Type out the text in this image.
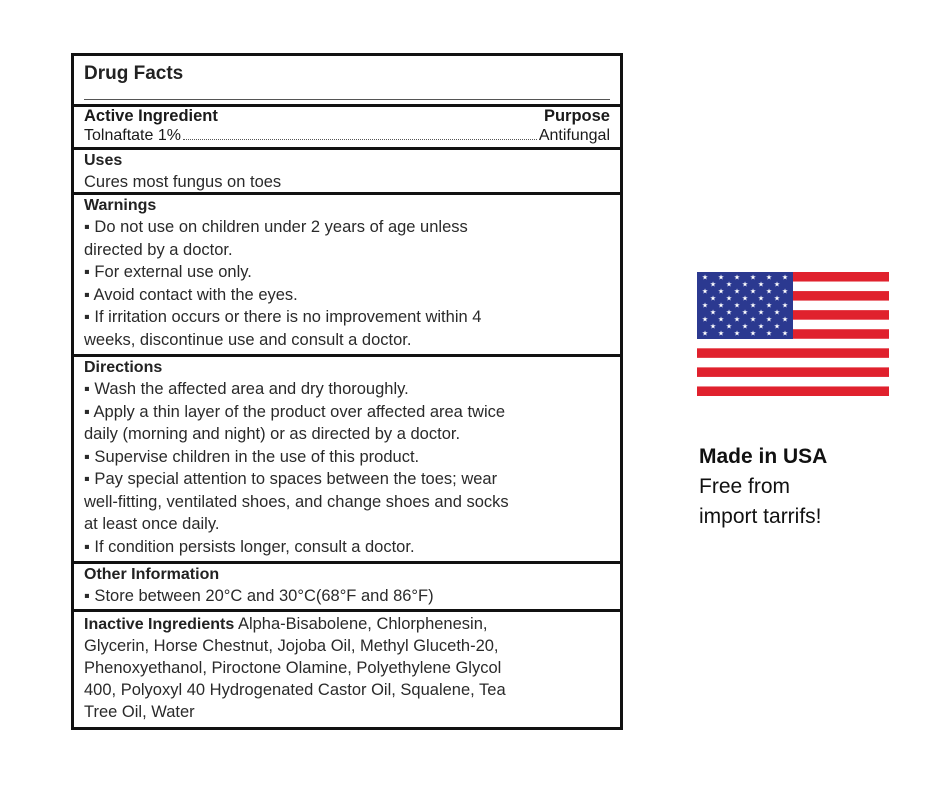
Drug Facts
Active Ingredient	Purpose
Tolnaftate 1%	Antifungal
Uses

Cures most fungus on toes

Warnings

▪ Do not use on children under 2 years of age unless

directed by a doctor.

▪ For external use only.

▪ Avoid contact with the eyes.

▪ If irritation occurs or there is no improvement within 4

weeks, discontinue use and consult a doctor.

Directions

▪ Wash the affected area and dry thoroughly.

▪ Apply a thin layer of the product over affected area twice

daily (morning and night) or as directed by a doctor.

▪ Supervise children in the use of this product.

▪ Pay special attention to spaces between the toes; wear

well-fitting, ventilated shoes, and change shoes and socks

at least once daily.

▪ If condition persists longer, consult a doctor.

Other Information

▪ Store between 20°C and 30°C(68°F and 86°F)

Inactive Ingredients Alpha-Bisabolene, Chlorphenesin,

Glycerin, Horse Chestnut, Jojoba Oil, Methyl Gluceth-20,

Phenoxyethanol, Piroctone Olamine, Polyethylene Glycol

400, Polyoxyl 40 Hydrogenated Castor Oil, Squalene, Tea

Tree Oil, Water

★ ★ ★ ★ ★ ★
★ ★ ★ ★ ★
★ ★ ★ ★ ★ ★
★ ★ ★ ★ ★
★ ★ ★ ★ ★ ★
★ ★ ★ ★ ★
★ ★ ★ ★ ★ ★
★ ★ ★ ★ ★
★ ★ ★ ★ ★ ★
Made in USA
Free from
import tarrifs!
